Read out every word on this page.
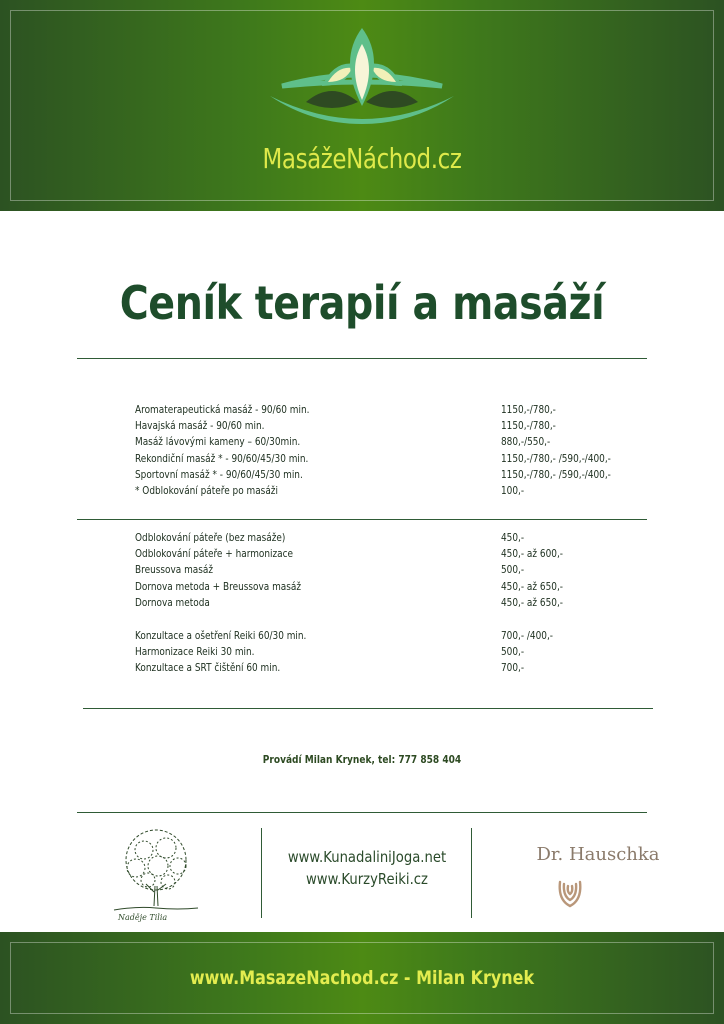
MasážeNáchod.cz
Ceník terapií a masáží
Aromaterapeutická masáž - 90/60 min.	1150,-/780,-
Havajská masáž - 90/60 min.	1150,-/780,-
Masáž lávovými kameny – 60/30min.	880,-/550,-
Rekondiční masáž * - 90/60/45/30 min.	1150,-/780,- /590,-/400,-
Sportovní masáž * - 90/60/45/30 min.	1150,-/780,- /590,-/400,-
* Odblokování páteře po masáži	100,-
Odblokování páteře (bez masáže)	450,-
Odblokování páteře + harmonizace	450,- až 600,-
Breussova masáž	500,-
Dornova metoda + Breussova masáž	450,- až 650,-
Dornova metoda	450,- až 650,-
Konzultace a ošetření Reiki 60/30 min.	700,- /400,-
Harmonizace Reiki 30 min.	500,-
Konzultace a SRT čištění 60 min.	700,-
Provádí Milan Krynek, tel: 777 858 404
Naděje Tilia
www.KunadaliniJoga.net
www.KurzyReiki.cz
Dr. Hauschka
www.MasazeNachod.cz - Milan Krynek
